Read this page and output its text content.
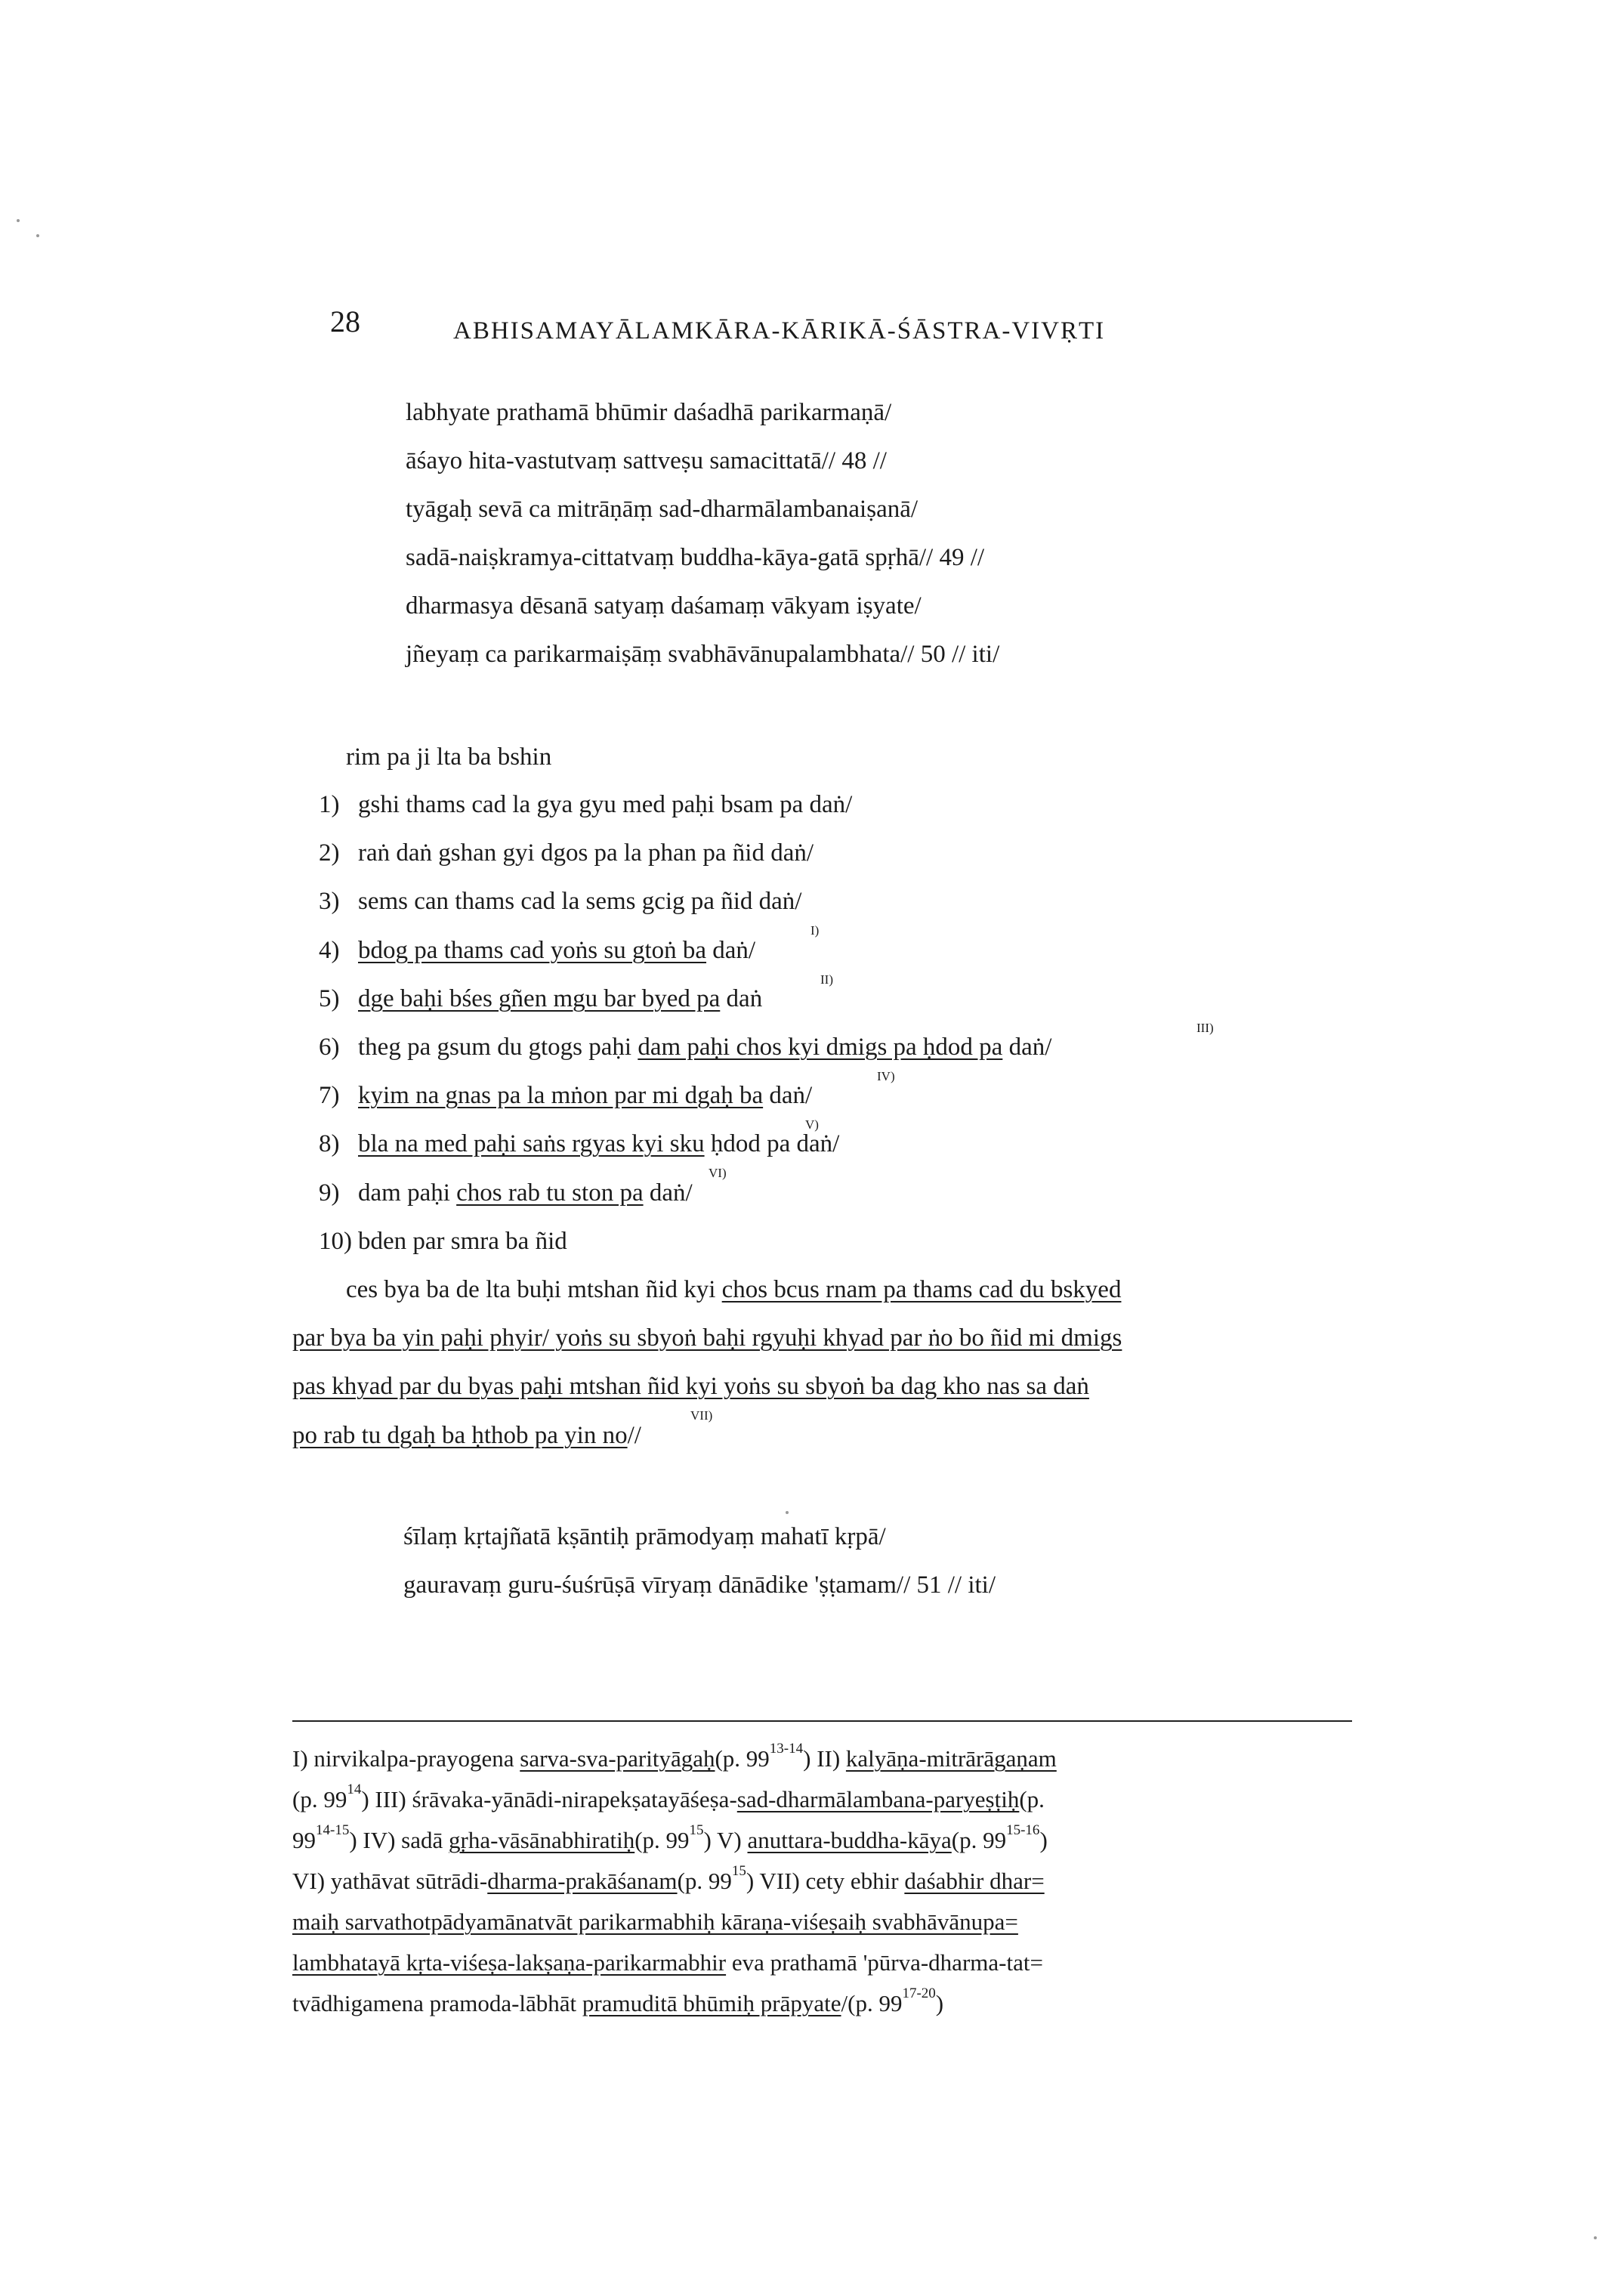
28	ABHISAMAYĀLAMKĀRA-KĀRIKĀ-ŚĀSTRA-VIVṚTI
labhyate prathamā bhūmir daśadhā parikarmaṇā/
āśayo hita-vastutvaṃ sattveṣu samacittatā// 48 //
tyāgaḥ sevā ca mitrāṇāṃ sad-dharmālambanaiṣanā/
sadā-naiṣkramya-cittatvaṃ buddha-kāya-gatā spṛhā// 49 //
dharmasya dēsanā satyaṃ daśamaṃ vākyam iṣyate/
jñeyaṃ ca parikarmaiṣāṃ svabhāvānupalambhata// 50 // iti/
rim pa ji lta ba bshin
1) gshi thams cad la gya gyu med paḥi bsam pa daṅ/
2) raṅ daṅ gshan gyi dgos pa la phan pa ñid daṅ/
3) sems can thams cad la sems gcig pa ñid daṅ/
I)
4) bdog pa thams cad yoṅs su gtoṅ ba daṅ/
II)
5) dge baḥi bśes gñen mgu bar byed pa daṅ
III)
6) theg pa gsum du gtogs paḥi dam paḥi chos kyi dmigs pa ḥdod pa daṅ/
IV)
7) kyim na gnas pa la mṅon par mi dgaḥ ba daṅ/
V)
8) bla na med paḥi saṅs rgyas kyi sku ḥdod pa daṅ/
VI)
9) dam paḥi chos rab tu ston pa daṅ/
10) bden par smra ba ñid
ces bya ba de lta buḥi mtshan ñid kyi chos bcus rnam pa thams cad du bskyed
par bya ba yin paḥi phyir/ yoṅs su sbyoṅ baḥi rgyuḥi khyad par ṅo bo ñid mi dmigs
pas khyad par du byas paḥi mtshan ñid kyi yoṅs su sbyoṅ ba dag kho nas sa daṅ
VII)
po rab tu dgaḥ ba ḥthob pa yin no//
śīlaṃ kṛtajñatā kṣāntiḥ prāmodyaṃ mahatī kṛpā/
gauravaṃ guru-śuśrūṣā vīryaṃ dānādike 'ṣṭamam// 51 // iti/
I) nirvikalpa-prayogena sarva-sva-parityāgaḥ(p. 99$^{13-14}$) II) kalyāṇa-mitrārāgaṇam
(p. $99^{14}$) III) śrāvaka-yānādi-nirapekṣatayāśeṣa-sad-dharmālambana-paryeṣṭiḥ(p.
99$^{14-15}$) IV) sadā gṛha-vāsānabhiratiḥ(p. $99^{15}$) V) anuttara-buddha-kāya(p. 99$^{15-16}$)
VI) yathāvat sūtrādi-dharma-prakāśanam(p. $99^{15}$) VII) cety ebhir daśabhir dhar=
maiḥ sarvathotpādyamānatvāt parikarmabhiḥ kāraṇa-viśeṣaiḥ svabhāvānupa=
lambhatayā kṛta-viśeṣa-lakṣaṇa-parikarmabhir eva prathamā 'pūrva-dharma-tat=
tvādhigamena pramoda-lābhāt pramuditā bhūmiḥ prāpyate/(p. 99$^{17-20}$)
